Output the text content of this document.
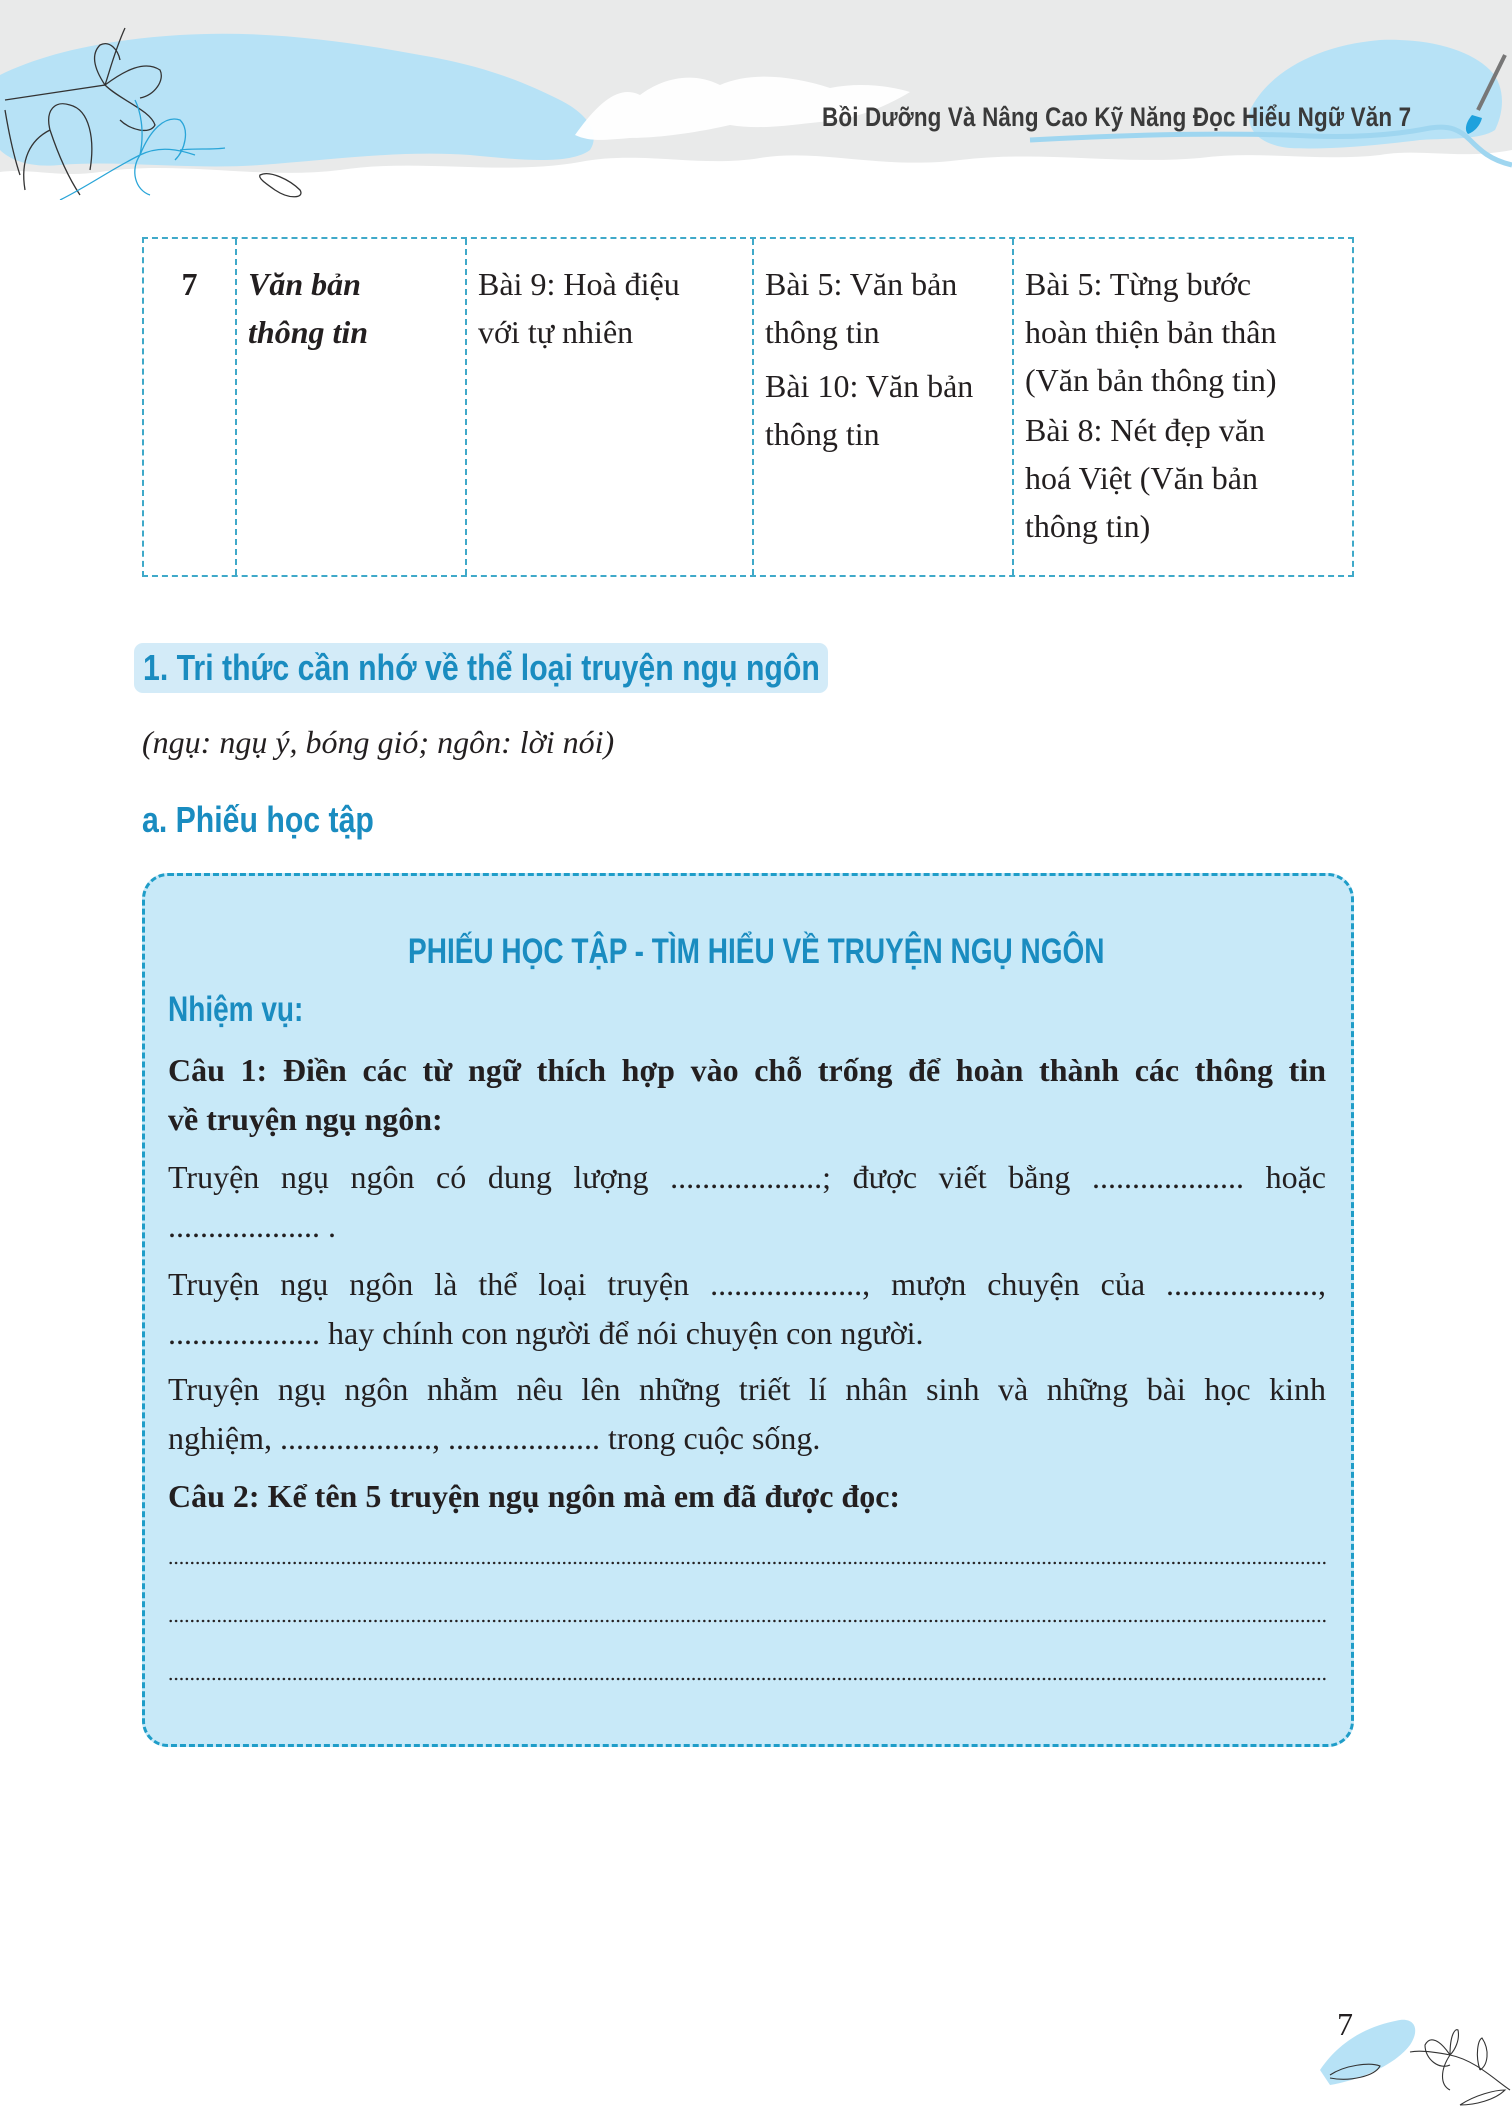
Bồi Dưỡng Và Nâng Cao Kỹ Năng Đọc Hiểu Ngữ Văn 7
7	Văn bản
thông tin
Bài 9: Hoà điệu
với tự nhiên
Bài 5: Văn bản
thông tin
Bài 10: Văn bản
thông tin
Bài 5: Từng bước
hoàn thiện bản thân
(Văn bản thông tin)
Bài 8: Nét đẹp văn
hoá Việt (Văn bản
thông tin)
1. Tri thức cần nhớ về thể loại truyện ngụ ngôn
(ngụ: ngụ ý, bóng gió; ngôn: lời nói)
a. Phiếu học tập
PHIẾU HỌC TẬP - TÌM HIỂU VỀ TRUYỆN NGỤ NGÔN
Nhiệm vụ:
Câu 1: Điền các từ ngữ thích hợp vào chỗ trống để hoàn thành các thông tin
về truyện ngụ ngôn:
Truyện ngụ ngôn có dung lượng ...................; được viết bằng ................... hoặc
................... .
Truyện ngụ ngôn là thể loại truyện ..................., mượn chuyện của ...................,
................... hay chính con người để nói chuyện con người.
Truyện ngụ ngôn nhằm nêu lên những triết lí nhân sinh và những bài học kinh
nghiệm, ..................., ................... trong cuộc sống.
Câu 2: Kể tên 5 truyện ngụ ngôn mà em đã được đọc:
7
